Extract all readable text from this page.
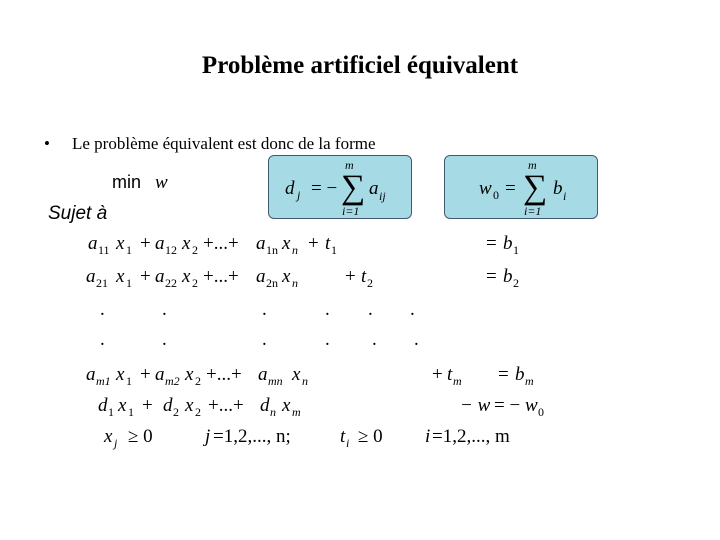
Problème artificiel équivalent
• Le problème équivalent est donc de la forme
min w
Sujet à
d j = − ∑
m
i=1
a ij	w 0 = ∑
m
i=1
b i
a 11 x 1 + a 12 x 2 +...+ a 1n x n + t 1	= b 1
a 21 x 1 + a 22 x 2 +...+ a 2n x n + t 2	= b 2
.	.	.	. . .
.	.	.	. . .
a m1 x 1 + a m2 x 2 +...+ a mn x n	+ t m = b m
d 1 x 1 + d 2 x 2 +...+ d n x m	− w = − w 0
x j ≥ 0	j =1,2,..., n;	t i ≥ 0 i =1,2,..., m
